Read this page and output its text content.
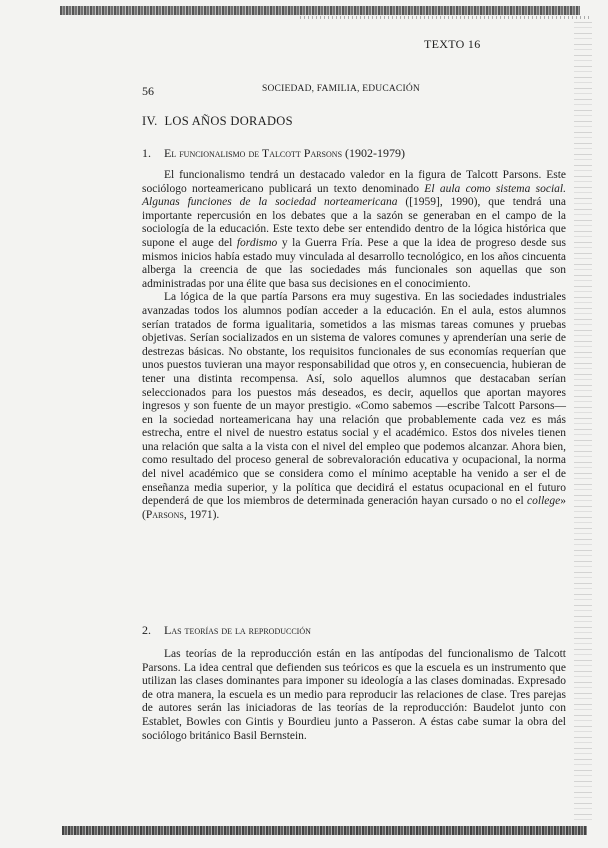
TEXTO 16
56	SOCIEDAD, FAMILIA, EDUCACIÓN
IV.  LOS AÑOS DORADOS
1. El funcionalismo de Talcott Parsons (1902-1979)

El funcionalismo tendrá un destacado valedor en la figura de Talcott Parsons. Este sociólogo norteamericano publicará un texto denominado El aula como sistema social. Algunas funciones de la sociedad norteamericana ([1959], 1990), que tendrá una importante repercusión en los debates que a la sazón se generaban en el campo de la sociología de la educación. Este texto debe ser entendido dentro de la lógica histórica que supone el auge del fordismo y la Guerra Fría. Pese a que la idea de progreso desde sus mismos inicios había estado muy vinculada al desarrollo tecnológico, en los años cincuenta alberga la creencia de que las sociedades más funcionales son aquellas que son administradas por una élite que basa sus decisiones en el conocimiento.

La lógica de la que partía Parsons era muy sugestiva. En las sociedades industriales avanzadas todos los alumnos podían acceder a la educación. En el aula, estos alumnos serían tratados de forma igualitaria, sometidos a las mismas tareas comunes y pruebas objetivas. Serían socializados en un sistema de valores comunes y aprenderían una serie de destrezas básicas. No obstante, los requisitos funcionales de sus economías requerían que unos puestos tuvieran una mayor responsabilidad que otros y, en consecuencia, hubieran de tener una distinta recompensa. Así, solo aquellos alumnos que destacaban serían seleccionados para los puestos más deseados, es decir, aquellos que aportan mayores ingresos y son fuente de un mayor prestigio. «Como sabemos —escribe Talcott Parsons— en la sociedad norteamericana hay una relación que probablemente cada vez es más estrecha, entre el nivel de nuestro estatus social y el académico. Estos dos niveles tienen una relación que salta a la vista con el nivel del empleo que podemos alcanzar. Ahora bien, como resultado del proceso general de sobrevaloración educativa y ocupacional, la norma del nivel académico que se considera como el mínimo aceptable ha venido a ser el de enseñanza media superior, y la política que decidirá el estatus ocupacional en el futuro dependerá de que los miembros de determinada generación hayan cursado o no el college» (Parsons, 1971).

2. Las teorías de la reproducción

Las teorías de la reproducción están en las antípodas del funcionalismo de Talcott Parsons. La idea central que defienden sus teóricos es que la escuela es un instrumento que utilizan las clases dominantes para imponer su ideología a las clases dominadas. Expresado de otra manera, la escuela es un medio para reproducir las relaciones de clase. Tres parejas de autores serán las iniciadoras de las teorías de la reproducción: Baudelot junto con Establet, Bowles con Gintis y Bourdieu junto a Passeron. A éstas cabe sumar la obra del sociólogo británico Basil Bernstein.
